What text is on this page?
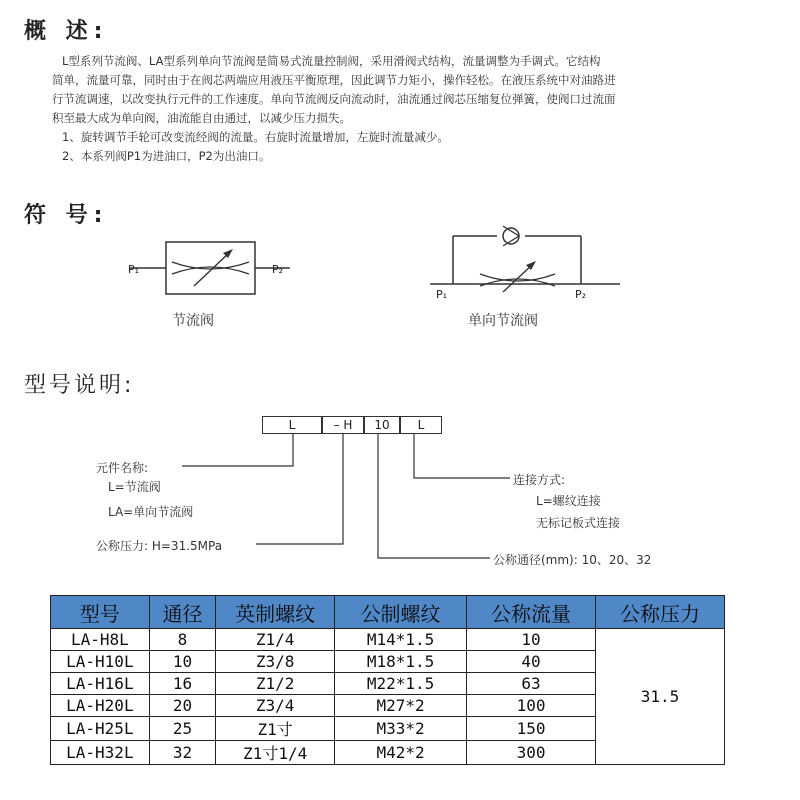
概 述:

L型系列节流阀、LA型系列单向节流阀是简易式流量控制阀，采用滑阀式结构，流量调整为手调式。它结构

简单，流量可靠，同时由于在阀芯两端应用液压平衡原理，因此调节力矩小，操作轻松。在液压系统中对油路进

行节流调速，以改变执行元件的工作速度。单向节流阀反向流动时，油流通过阀芯压缩复位弹簧，使阀口过流面

积至最大成为单向阀，油流能自由通过，以减少压力损失。

1、旋转调节手轮可改变流经阀的流量。右旋时流量增加，左旋时流量减少。

2、本系列阀P1为进油口，P2为出油口。

符 号:
P₁	P₂
节流阀
P₁	P₂
单向节流阀
型号说明:
L	– H	10	L
元件名称:
L=节流阀
LA=单向节流阀
公称压力: H=31.5MPa
连接方式:
L=螺纹连接
无标记板式连接
公称通径(mm): 10、20、32
型号	通径	英制螺纹	公制螺纹	公称流量	公称压力
LA-H8L	8	Z1/4	M14*1.5	10	31.5
LA-H10L	10	Z3/8	M18*1.5	40	
LA-H16L	16	Z1/2	M22*1.5	63	
LA-H20L	20	Z3/4	M27*2	100	
LA-H25L	25	Z1寸	M33*2	150	
LA-H32L	32	Z1寸1/4	M42*2	300	
